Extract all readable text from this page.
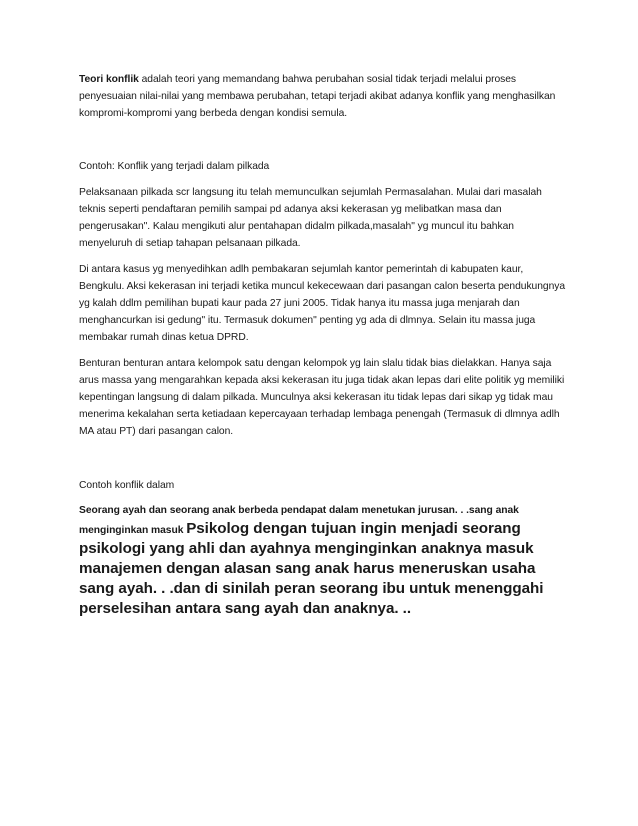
Teori konflik adalah teori yang memandang bahwa perubahan sosial tidak terjadi melalui proses penyesuaian nilai-nilai yang membawa perubahan, tetapi terjadi akibat adanya konflik yang menghasilkan kompromi-kompromi yang berbeda dengan kondisi semula.

Contoh: Konflik yang terjadi dalam pilkada

Pelaksanaan pilkada scr langsung itu telah memunculkan sejumlah Permasalahan. Mulai dari masalah teknis seperti pendaftaran pemilih sampai pd adanya aksi kekerasan yg melibatkan masa dan pengerusakan". Kalau mengikuti alur pentahapan didalm pilkada,masalah" yg muncul itu bahkan menyeluruh di setiap tahapan pelsanaan pilkada.

Di antara kasus yg menyedihkan adlh pembakaran sejumlah kantor pemerintah di kabupaten kaur, Bengkulu. Aksi kekerasan ini terjadi ketika muncul kekecewaan dari pasangan calon beserta pendukungnya yg kalah ddlm pemilihan bupati kaur pada 27 juni 2005. Tidak hanya itu massa juga menjarah dan menghancurkan isi gedung" itu. Termasuk dokumen" penting yg ada di dlmnya. Selain itu massa juga membakar rumah dinas ketua DPRD.

Benturan benturan antara kelompok satu dengan kelompok yg lain slalu tidak bias dielakkan. Hanya saja arus massa yang mengarahkan kepada aksi kekerasan itu juga tidak akan lepas dari elite politik yg memiliki kepentingan langsung di dalam pilkada. Munculnya aksi kekerasan itu tidak lepas dari sikap yg tidak mau menerima kekalahan serta ketiadaan kepercayaan terhadap lembaga penengah (Termasuk di dlmnya adlh MA atau PT) dari pasangan calon.

Contoh konflik dalam

Seorang ayah dan seorang anak berbeda pendapat dalam menetukan jurusan. . .sang anak menginginkan masuk Psikolog dengan tujuan ingin menjadi seorang psikologi yang ahli dan ayahnya menginginkan anaknya masuk manajemen dengan alasan sang anak harus meneruskan usaha sang ayah. . .dan di sinilah peran seorang ibu untuk menenggahi perselesihan antara sang ayah dan anaknya. ..
